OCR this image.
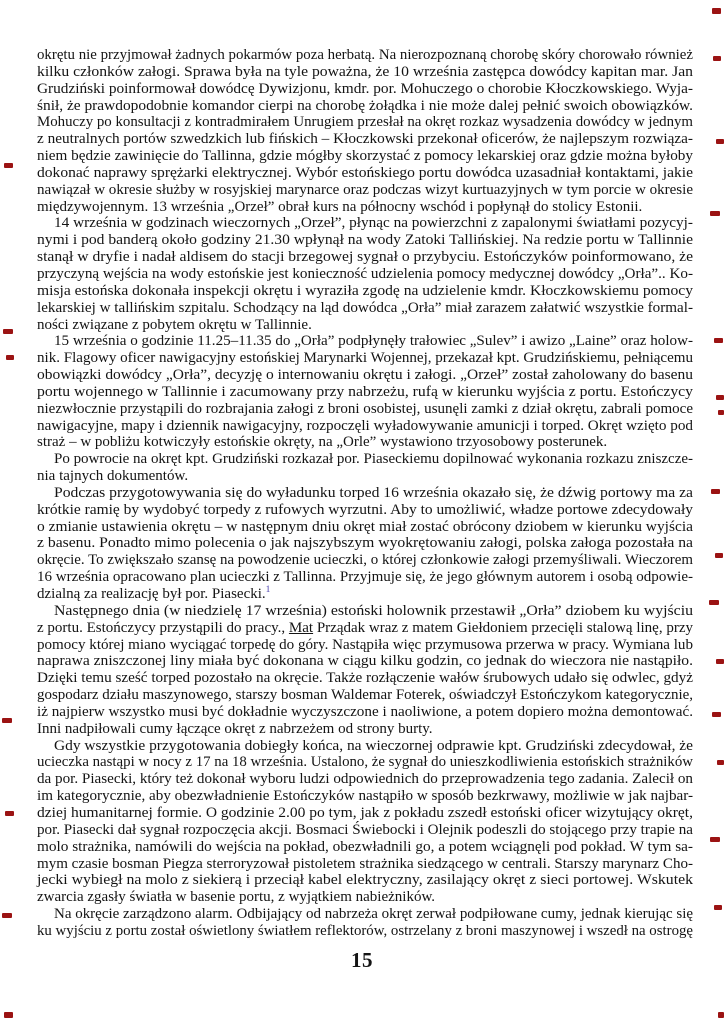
okrętu nie przyjmował żadnych pokarmów poza herbatą. Na nierozpoznaną chorobę skóry chorowało również
kilku członków załogi. Sprawa była na tyle poważna, że 10 września zastępca dowódcy kapitan mar. Jan
Grudziński poinformował dowódcę Dywizjonu, kmdr. por. Mohuczego o chorobie Kłoczkowskiego. Wyja-
śnił, że prawdopodobnie komandor cierpi na chorobę żołądka i nie może dalej pełnić swoich obowiązków.
Mohuczy po konsultacji z kontradmirałem Unrugiem przesłał na okręt rozkaz wysadzenia dowódcy w jednym
z neutralnych portów szwedzkich lub fińskich – Kłoczkowski przekonał oficerów, że najlepszym rozwiąza-
niem będzie zawinięcie do Tallinna, gdzie mógłby skorzystać z pomocy lekarskiej oraz gdzie można byłoby
dokonać naprawy sprężarki elektrycznej. Wybór estońskiego portu dowódca uzasadniał kontaktami, jakie
nawiązał w okresie służby w rosyjskiej marynarce oraz podczas wizyt kurtuazyjnych w tym porcie w okresie
międzywojennym. 13 września „Orzeł” obrał kurs na północny wschód i popłynął do stolicy Estonii.
14 września w godzinach wieczornych „Orzeł”, płynąc na powierzchni z zapalonymi światłami pozycyj-
nymi i pod banderą około godziny 21.30 wpłynął na wody Zatoki Tallińskiej. Na redzie portu w Tallinnie
stanął w dryfie i nadał aldisem do stacji brzegowej sygnał o przybyciu. Estończyków poinformowano, że
przyczyną wejścia na wody estońskie jest konieczność udzielenia pomocy medycznej dowódcy „Orła”.. Ko-
misja estońska dokonała inspekcji okrętu i wyraziła zgodę na udzielenie kmdr. Kłoczkowskiemu pomocy
lekarskiej w tallińskim szpitalu. Schodzący na ląd dowódca „Orła” miał zarazem załatwić wszystkie formal-
ności związane z pobytem okrętu w Tallinnie.
15 września o godzinie 11.25–11.35 do „Orła” podpłynęły trałowiec „Sulev” i awizo „Laine” oraz holow-
nik. Flagowy oficer nawigacyjny estońskiej Marynarki Wojennej, przekazał kpt. Grudzińskiemu, pełniącemu
obowiązki dowódcy „Orła”, decyzję o internowaniu okrętu i załogi. „Orzeł” został zaholowany do basenu
portu wojennego w Tallinnie i zacumowany przy nabrzeżu, rufą w kierunku wyjścia z portu. Estończycy
niezwłocznie przystąpili do rozbrajania załogi z broni osobistej, usunęli zamki z dział okrętu, zabrali pomoce
nawigacyjne, mapy i dziennik nawigacyjny, rozpoczęli wyładowywanie amunicji i torped. Okręt wzięto pod
straż – w pobliżu kotwiczyły estońskie okręty, na „Orle” wystawiono trzyosobowy posterunek.
Po powrocie na okręt kpt. Grudziński rozkazał por. Piaseckiemu dopilnować wykonania rozkazu zniszcze-
nia tajnych dokumentów.
Podczas przygotowywania się do wyładunku torped 16 września okazało się, że dźwig portowy ma za
krótkie ramię by wydobyć torpedy z rufowych wyrzutni. Aby to umożliwić, władze portowe zdecydowały
o zmianie ustawienia okrętu – w następnym dniu okręt miał zostać obrócony dziobem w kierunku wyjścia
z basenu. Ponadto mimo polecenia o jak najszybszym wyokrętowaniu załogi, polska załoga pozostała na
okręcie. To zwiększało szansę na powodzenie ucieczki, o której członkowie załogi przemyśliwali. Wieczorem
16 września opracowano plan ucieczki z Tallinna. Przyjmuje się, że jego głównym autorem i osobą odpowie-
dzialną za realizację był por. Piasecki.$^1$
Następnego dnia (w niedzielę 17 września) estoński holownik przestawił „Orła” dziobem ku wyjściu
z portu. Estończycy przystąpili do pracy., Mat Prządak wraz z matem Giełdoniem przecięli stalową linę, przy
pomocy której miano wyciągać torpedę do góry. Nastąpiła więc przymusowa przerwa w pracy. Wymiana lub
naprawa zniszczonej liny miała być dokonana w ciągu kilku godzin, co jednak do wieczora nie nastąpiło.
Dzięki temu sześć torped pozostało na okręcie. Także rozłączenie wałów śrubowych udało się odwlec, gdyż
gospodarz działu maszynowego, starszy bosman Waldemar Foterek, oświadczył Estończykom kategorycznie,
iż najpierw wszystko musi być dokładnie wyczyszczone i naoliwione, a potem dopiero można demontować.
Inni nadpiłowali cumy łączące okręt z nabrzeżem od strony burty.
Gdy wszystkie przygotowania dobiegły końca, na wieczornej odprawie kpt. Grudziński zdecydował, że
ucieczka nastąpi w nocy z 17 na 18 września. Ustalono, że sygnał do unieszkodliwienia estońskich strażników
da por. Piasecki, który też dokonał wyboru ludzi odpowiednich do przeprowadzenia tego zadania. Zalecił on
im kategorycznie, aby obezwładnienie Estończyków nastąpiło w sposób bezkrwawy, możliwie w jak najbar-
dziej humanitarnej formie. O godzinie 2.00 po tym, jak z pokładu zszedł estoński oficer wizytujący okręt,
por. Piasecki dał sygnał rozpoczęcia akcji. Bosmaci Świebocki i Olejnik podeszli do stojącego przy trapie na
molo strażnika, namówili do wejścia na pokład, obezwładnili go, a potem wciągnęli pod pokład. W tym sa-
mym czasie bosman Piegza sterroryzował pistoletem strażnika siedzącego w centrali. Starszy marynarz Cho-
jecki wybiegł na molo z siekierą i przeciął kabel elektryczny, zasilający okręt z sieci portowej. Wskutek
zwarcia zgasły światła w basenie portu, z wyjątkiem nabieżników.
Na okręcie zarządzono alarm. Odbijający od nabrzeża okręt zerwał podpiłowane cumy, jednak kierując się
ku wyjściu z portu został oświetlony światłem reflektorów, ostrzelany z broni maszynowej i wszedł na ostrogę
15
